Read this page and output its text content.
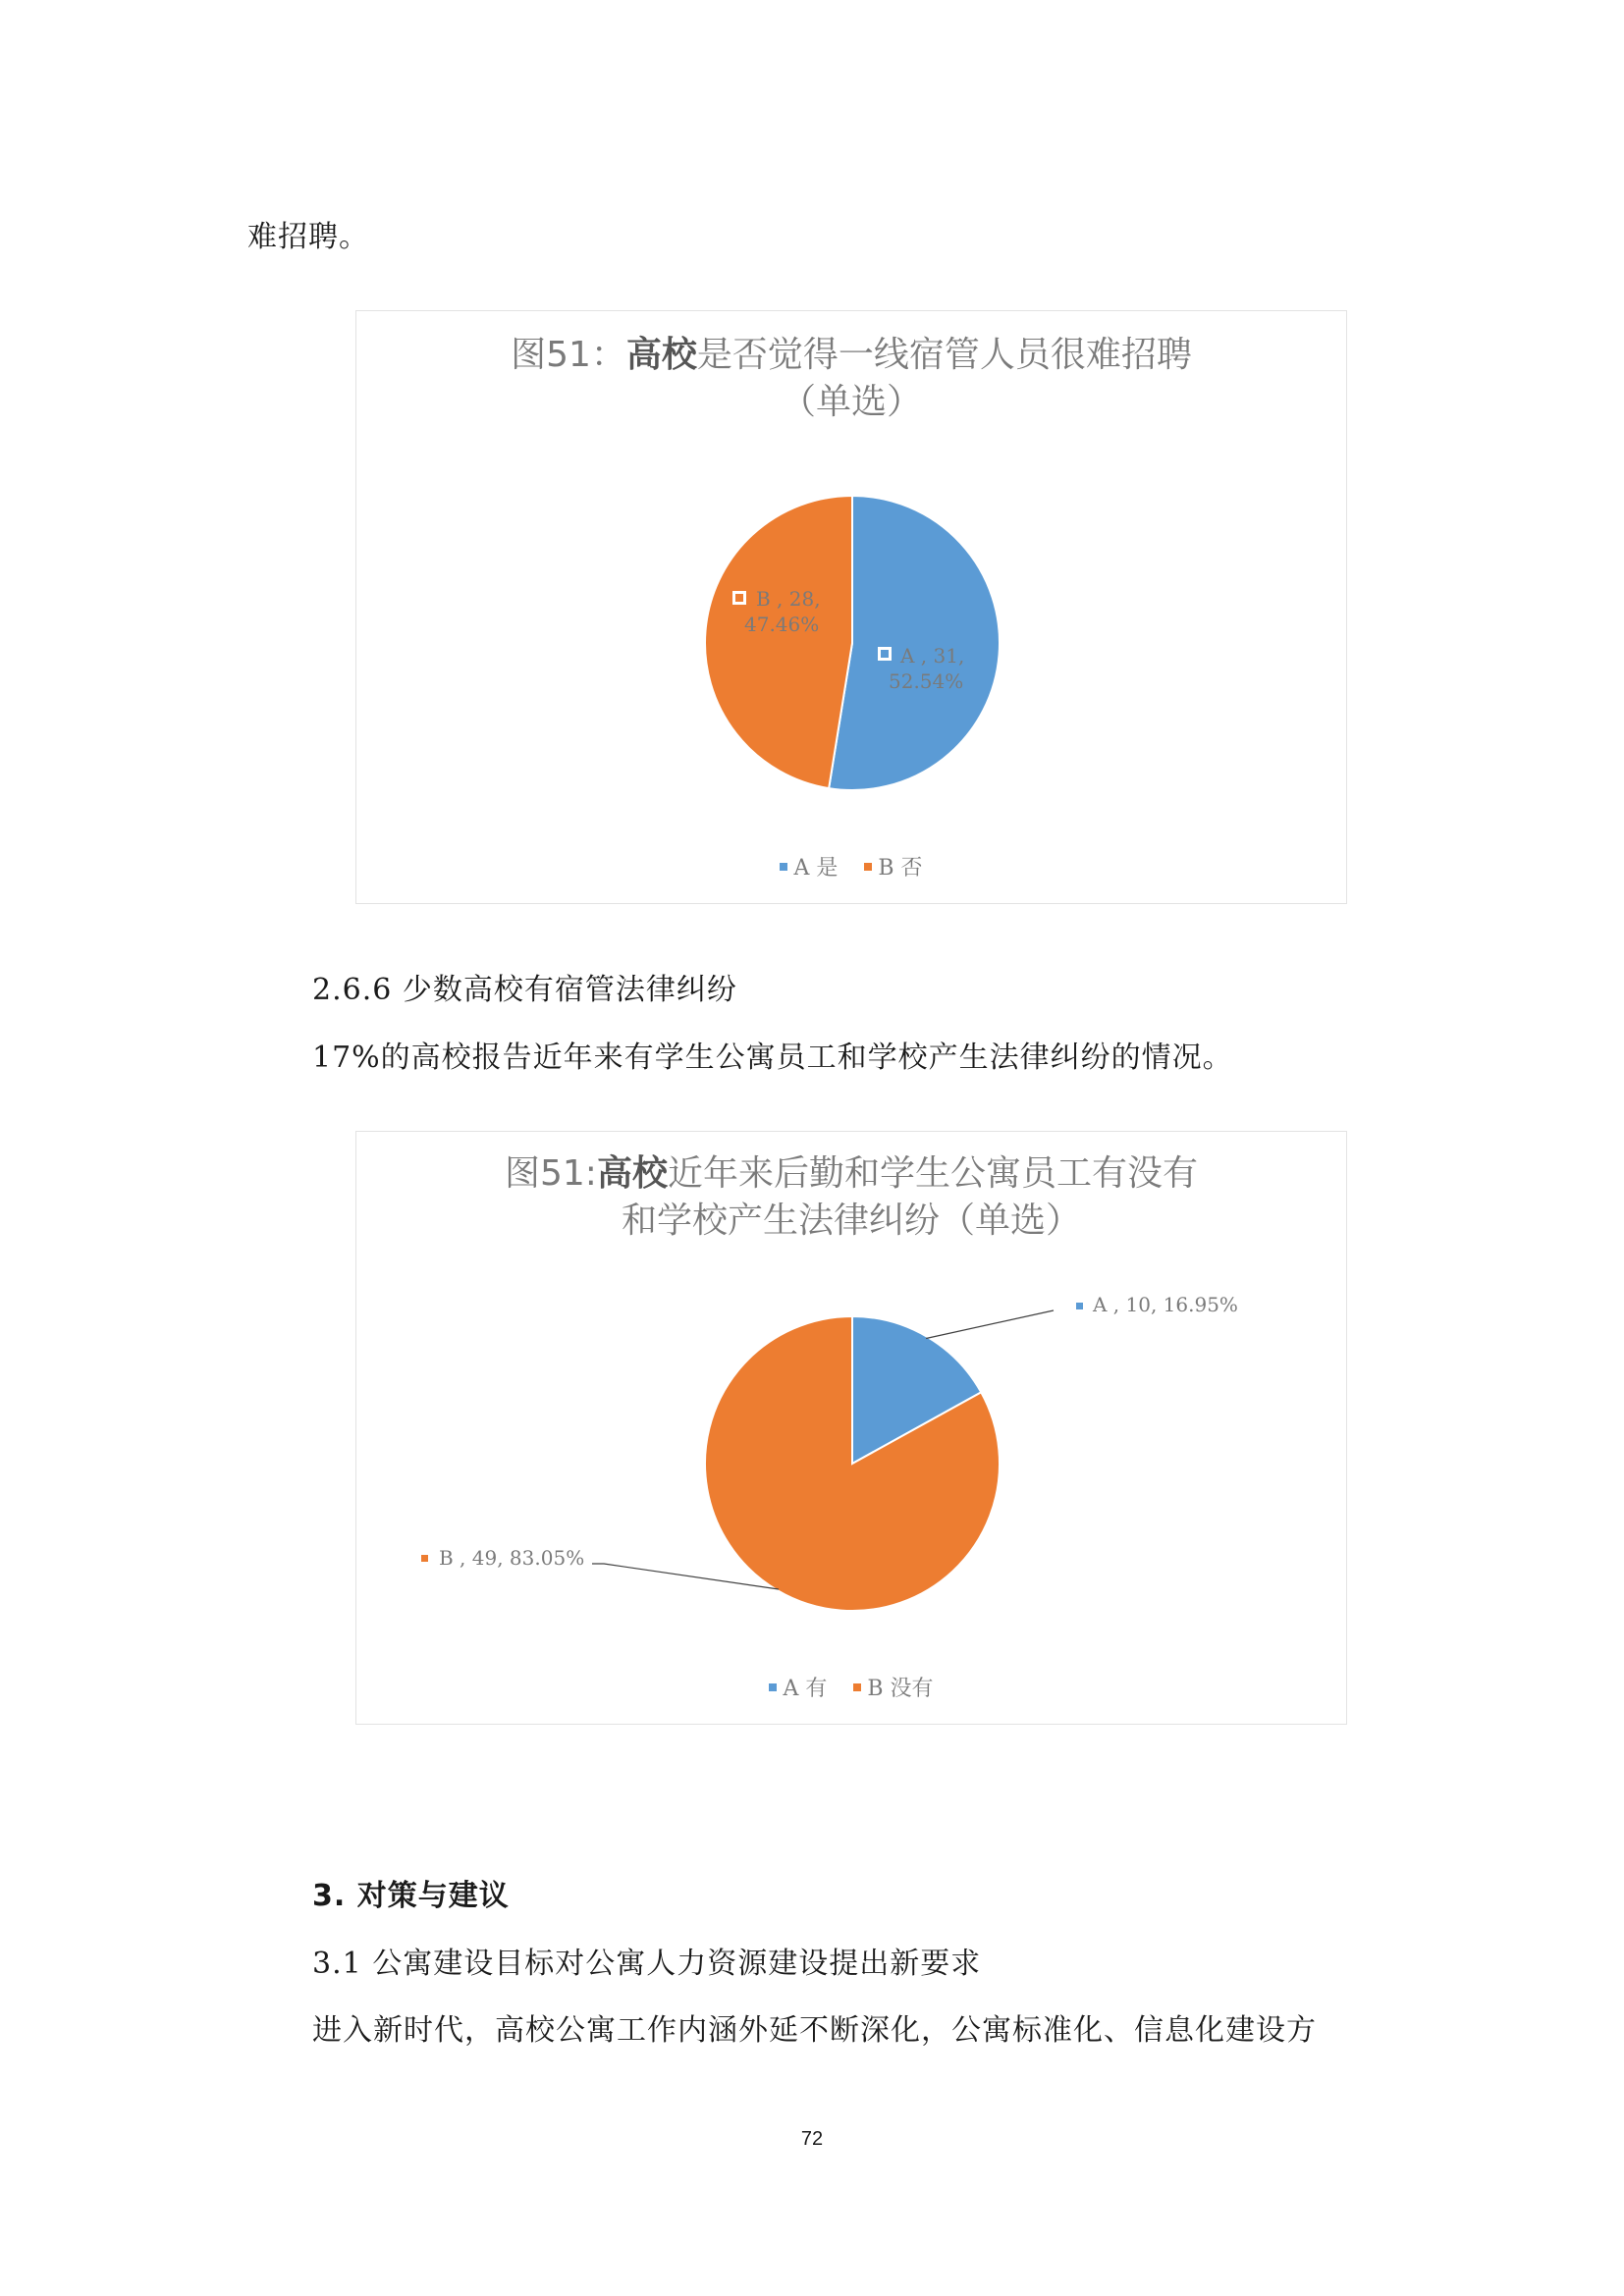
难招聘。
图51：高校是否觉得一线宿管人员很难招聘
（单选）
A , 31, 52.54%
B , 28, 47.46%
A 是 B 否
2.6.6 少数高校有宿管法律纠纷
17%的高校报告近年来有学生公寓员工和学校产生法律纠纷的情况。
图51:高校近年来后勤和学生公寓员工有没有
和学校产生法律纠纷（单选）
A , 10, 16.95%
B , 49, 83.05%
A 有 B 没有
3. 对策与建议
3.1 公寓建设目标对公寓人力资源建设提出新要求
进入新时代，高校公寓工作内涵外延不断深化，公寓标准化、信息化建设方
72
